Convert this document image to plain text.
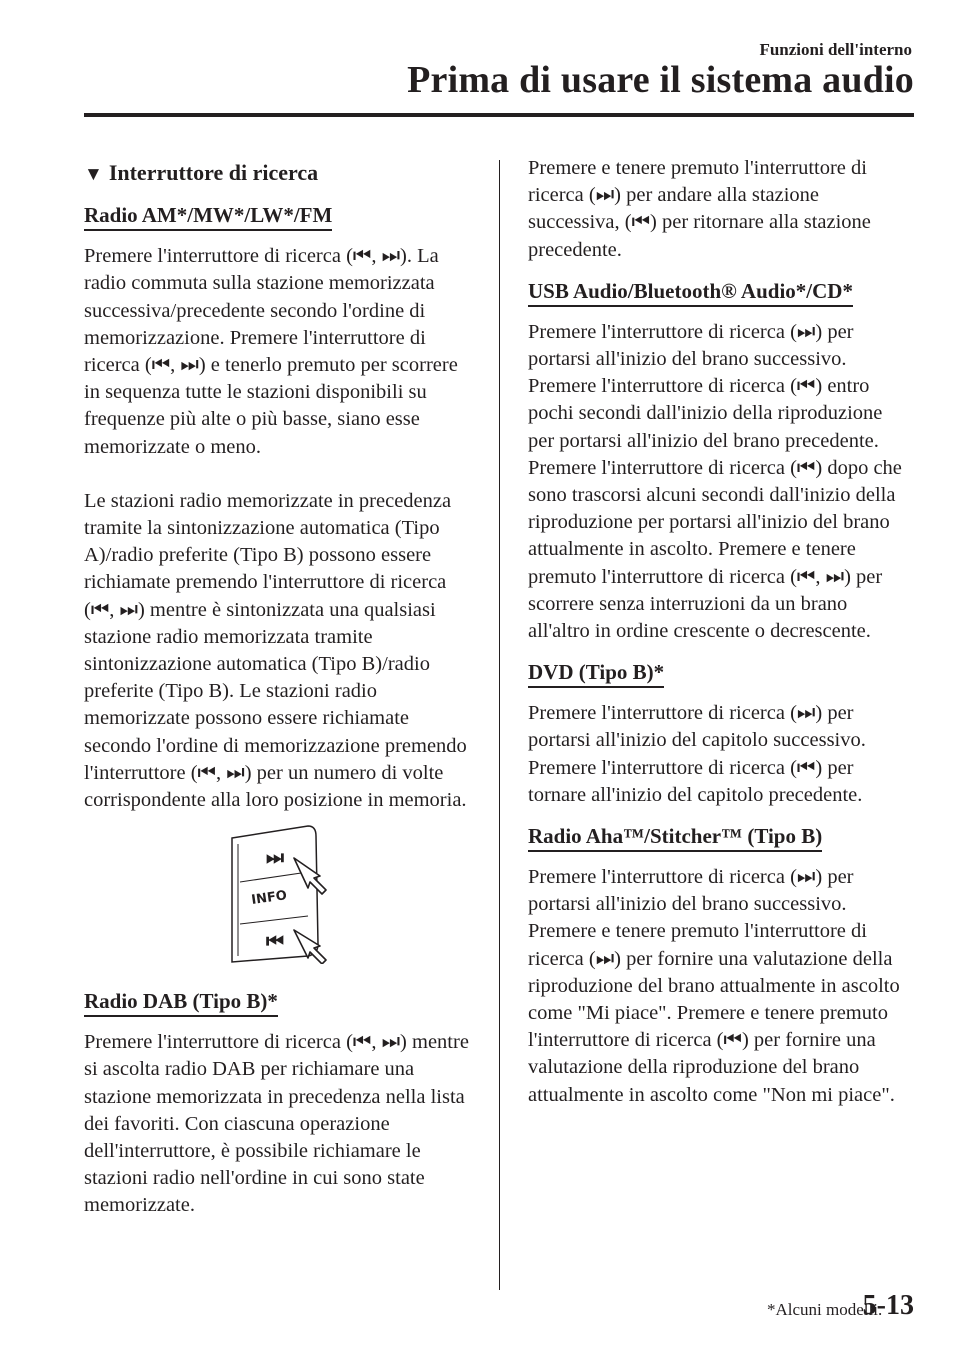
Funzioni dell'interno
Prima di usare il sistema audio
▼ Interruttore di ricerca
Radio AM*/MW*/LW*/FM
Premere l'interruttore di ricerca (⏮, ⏭). La radio commuta sulla stazione memorizzata successiva/precedente secondo l'ordine di memorizzazione. Premere l'interruttore di ricerca (⏮, ⏭) e tenerlo premuto per scorrere in sequenza tutte le stazioni disponibili su frequenze più alte o più basse, siano esse memorizzate o meno.
Le stazioni radio memorizzate in precedenza tramite la sintonizzazione automatica (Tipo A)/radio preferite (Tipo B) possono essere richiamate premendo l'interruttore di ricerca (⏮, ⏭) mentre è sintonizzata una qualsiasi stazione radio memorizzata tramite sintonizzazione automatica (Tipo B)/radio preferite (Tipo B). Le stazioni radio memorizzate possono essere richiamate secondo l'ordine di memorizzazione premendo l'interruttore (⏮, ⏭) per un numero di volte corrispondente alla loro posizione in memoria.
⏭
INFO
⏮
Radio DAB (Tipo B)*
Premere l'interruttore di ricerca (⏮, ⏭) mentre si ascolta radio DAB per richiamare una stazione memorizzata in precedenza nella lista dei favoriti. Con ciascuna operazione dell'interruttore, è possibile richiamare le stazioni radio nell'ordine in cui sono state memorizzate.
Premere e tenere premuto l'interruttore di ricerca (⏭) per andare alla stazione successiva, (⏮) per ritornare alla stazione precedente.
USB Audio/Bluetooth® Audio*/CD*
Premere l'interruttore di ricerca (⏭) per portarsi all'inizio del brano successivo. Premere l'interruttore di ricerca (⏮) entro pochi secondi dall'inizio della riproduzione per portarsi all'inizio del brano precedente. Premere l'interruttore di ricerca (⏮) dopo che sono trascorsi alcuni secondi dall'inizio della riproduzione per portarsi all'inizio del brano attualmente in ascolto. Premere e tenere premuto l'interruttore di ricerca (⏮, ⏭) per scorrere senza interruzioni da un brano all'altro in ordine crescente o decrescente.
DVD (Tipo B)*
Premere l'interruttore di ricerca (⏭) per portarsi all'inizio del capitolo successivo. Premere l'interruttore di ricerca (⏮) per tornare all'inizio del capitolo precedente.
Radio Aha™/Stitcher™ (Tipo B)
Premere l'interruttore di ricerca (⏭) per portarsi all'inizio del brano successivo. Premere e tenere premuto l'interruttore di ricerca (⏭) per fornire una valutazione della riproduzione del brano attualmente in ascolto come "Mi piace". Premere e tenere premuto l'interruttore di ricerca (⏮) per fornire una valutazione della riproduzione del brano attualmente in ascolto come "Non mi piace".
*Alcuni modelli.
5-13
